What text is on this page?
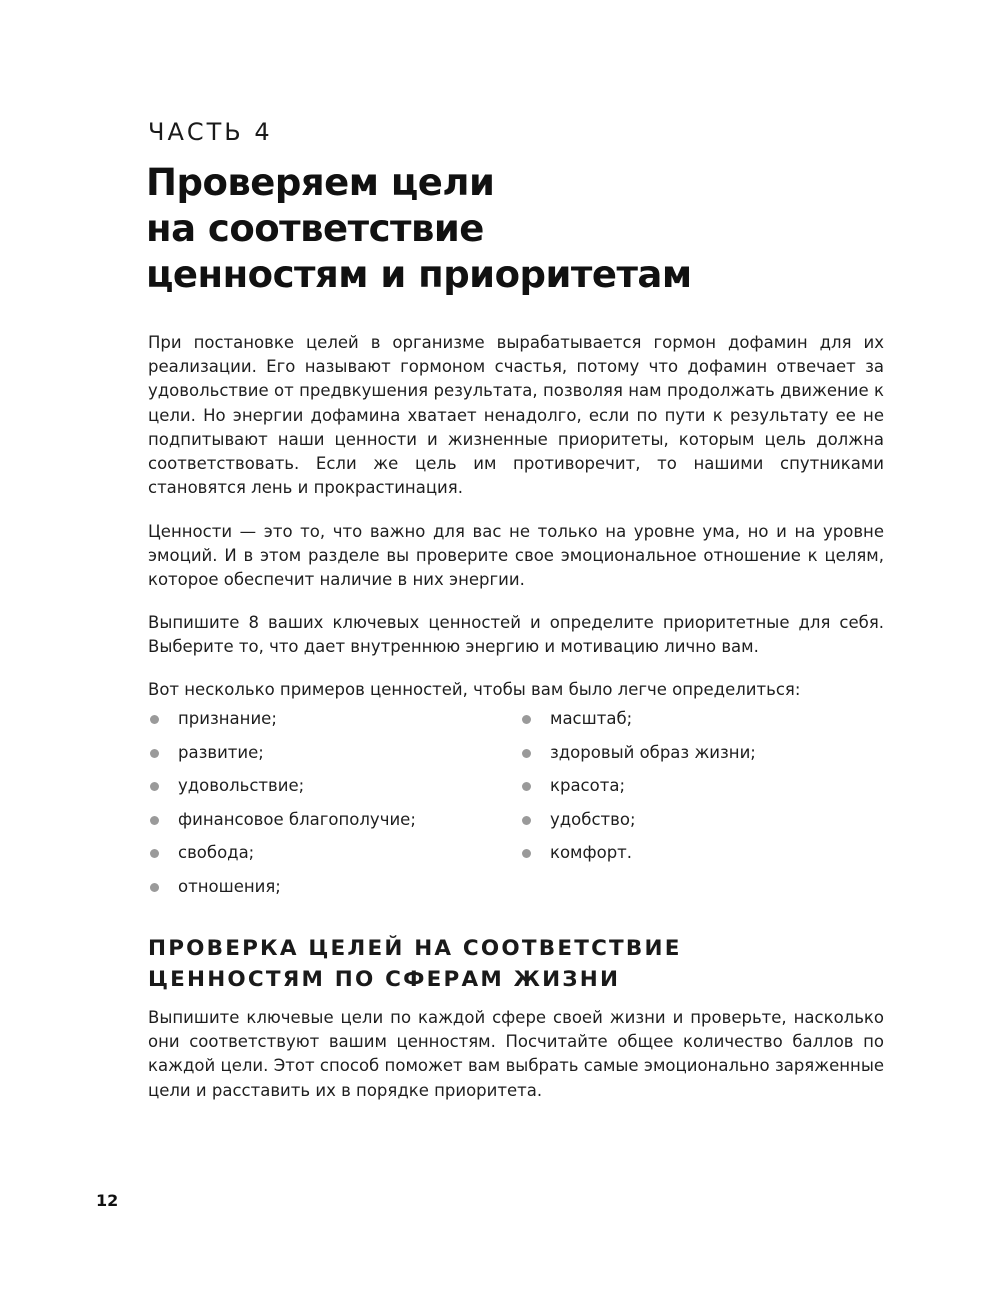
ЧАСТЬ 4

Проверяем цели
на соответствие
ценностям и приоритетам

При постановке целей в организме вырабатывается гормон дофамин для их реализации. Его называют гормоном счастья, потому что дофамин отвечает за удовольствие от предвкушения результата, позволяя нам продолжать движение к цели. Но энергии дофамина хватает ненадолго, если по пути к результату ее не подпитывают наши ценности и жизненные приоритеты, которым цель должна соответствовать. Если же цель им противоречит, то нашими спутниками становятся лень и прокрастинация.

Ценности — это то, что важно для вас не только на уровне ума, но и на уровне эмоций. И в этом разделе вы проверите свое эмоциональное отношение к целям, которое обеспечит наличие в них энергии.

Выпишите 8 ваших ключевых ценностей и определите приоритетные для себя. Выберите то, что дает внутреннюю энергию и мотивацию лично вам.

Вот несколько примеров ценностей, чтобы вам было легче определиться:

признание;
развитие;
удовольствие;
финансовое благополучие;
свобода;
отношения;
масштаб;
здоровый образ жизни;
красота;
удобство;
комфорт.
ПРОВЕРКА ЦЕЛЕЙ НА СООТВЕТСТВИЕ
ЦЕННОСТЯМ ПО СФЕРАМ ЖИЗНИ

Выпишите ключевые цели по каждой сфере своей жизни и проверьте, насколько они соответствуют вашим ценностям. Посчитайте общее количество баллов по каждой цели. Этот способ поможет вам выбрать самые эмоционально заряженные цели и расставить их в порядке приоритета.

12
